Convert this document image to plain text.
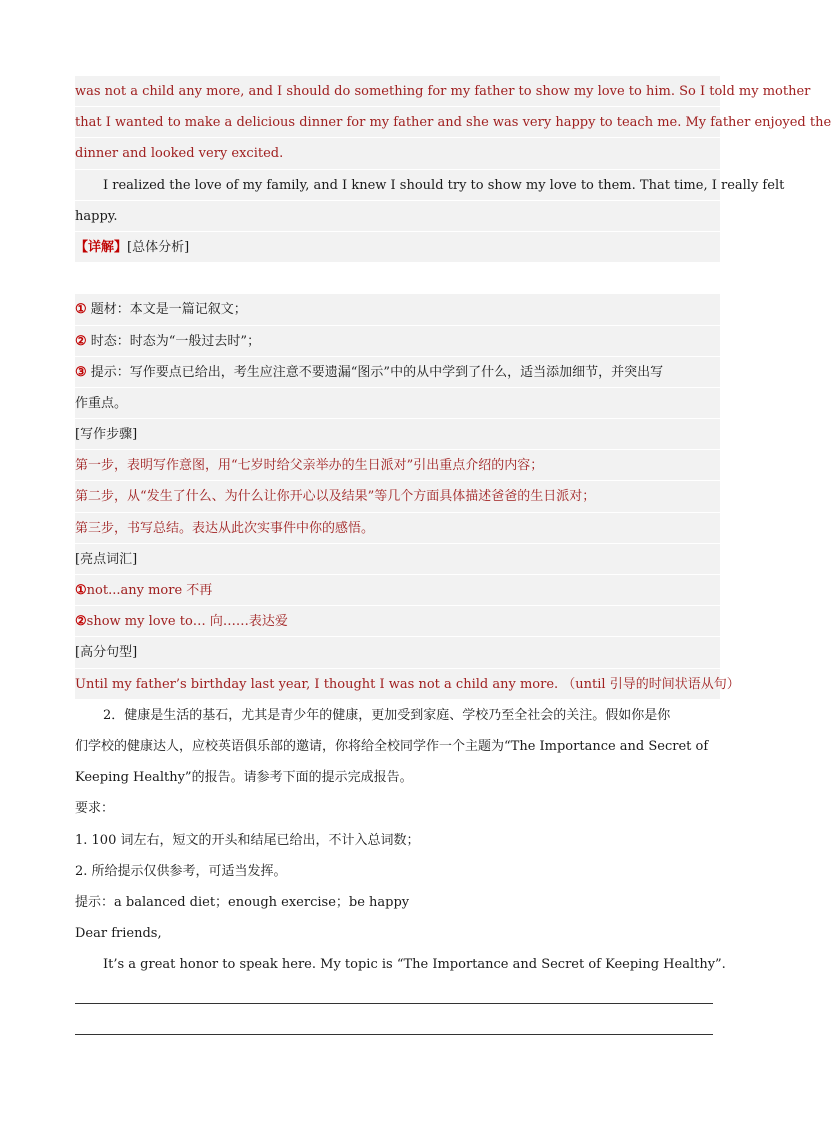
was not a child any more, and I should do something for my father to show my love to him. So I told my mother
that I wanted to make a delicious dinner for my father and she was very happy to teach me. My father enjoyed the
dinner and looked very excited.
I realized the love of my family, and I knew I should try to show my love to them. That time, I really felt
happy.
【详解】[总体分析]
① 题材：本文是一篇记叙文；
② 时态：时态为“一般过去时”；
③ 提示：写作要点已给出，考生应注意不要遗漏“图示”中的从中学到了什么，适当添加细节，并突出写
作重点。
[写作步骤]
第一步，表明写作意图，用“七岁时给父亲举办的生日派对”引出重点介绍的内容；
第二步，从“发生了什么、为什么让你开心以及结果”等几个方面具体描述爸爸的生日派对；
第三步，书写总结。表达从此次实事件中你的感悟。
[亮点词汇]
①not...any more 不再
②show my love to… 向……表达爱
[高分句型]
Until my father’s birthday last year, I thought I was not a child any more. （until 引导的时间状语从句）
2．健康是生活的基石，尤其是青少年的健康，更加受到家庭、学校乃至全社会的关注。假如你是你
们学校的健康达人，应校英语俱乐部的邀请，你将给全校同学作一个主题为“The Importance and Secret of
Keeping Healthy”的报告。请参考下面的提示完成报告。
要求：
1. 100 词左右，短文的开头和结尾已给出，不计入总词数；
2. 所给提示仅供参考，可适当发挥。
提示：a balanced diet；enough exercise；be happy
Dear friends,
It’s a great honor to speak here. My topic is “The Importance and Secret of Keeping Healthy”.
